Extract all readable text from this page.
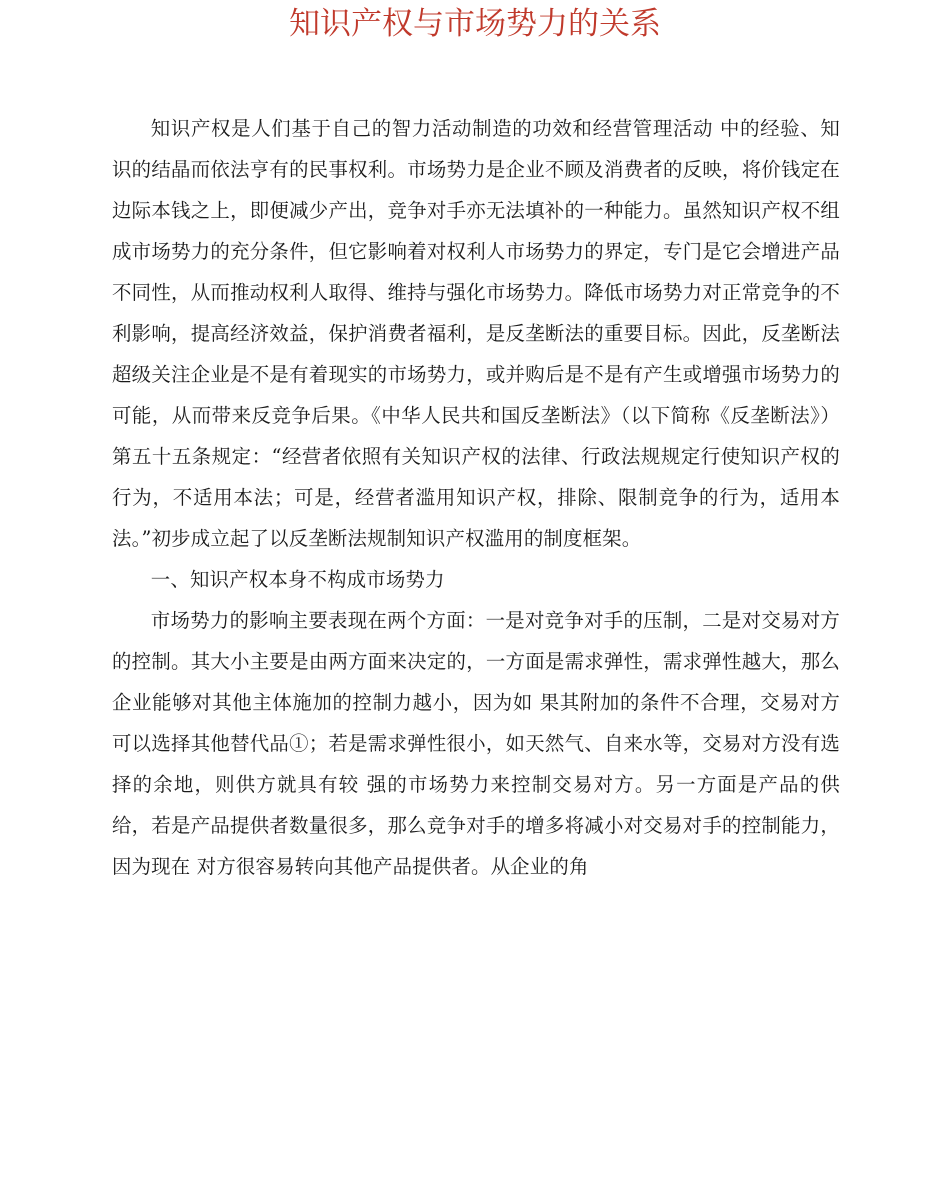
知识产权与市场势力的关系

知识产权是人们基于自己的智力活动制造的功效和经营管理活动 中的经验、知识的结晶而依法亨有的民事权利。市场势力是企业不顾及消费者的反映，将价钱定在边际本钱之上，即便减少产出，竞争对手亦无法填补的一种能力。虽然知识产权不组成市场势力的充分条件，但它影响着对权利人市场势力的界定，专门是它会增进产品不同性，从而推动权利人取得、维持与强化市场势力。降低市场势力对正常竞争的不利影响，提高经济效益，保护消费者福利，是反垄断法的重要目标。因此，反垄断法超级关注企业是不是有着现实的市场势力，或并购后是不是有产生或增强市场势力的可能，从而带来反竞争后果。《中华人民共和国反垄断法》（以下简称《反垄断法》）第五十五条规定：“经营者依照有关知识产权的法律、行政法规规定行使知识产权的行为，不适用本法；可是，经营者滥用知识产权，排除、限制竞争的行为，适用本法。”初步成立起了以反垄断法规制知识产权滥用的制度框架。

一、知识产权本身不构成市场势力

市场势力的影响主要表现在两个方面：一是对竞争对手的压制，二是对交易对方的控制。其大小主要是由两方面来决定的，一方面是需求弹性，需求弹性越大，那么企业能够对其他主体施加的控制力越小，因为如 果其附加的条件不合理，交易对方可以选择其他替代品①；若是需求弹性很小，如天然气、自来水等，交易对方没有选择的余地，则供方就具有较 强的市场势力来控制交易对方。另一方面是产品的供给，若是产品提供者数量很多，那么竞争对手的增多将减小对交易对手的控制能力，因为现在 对方很容易转向其他产品提供者。从企业的角
